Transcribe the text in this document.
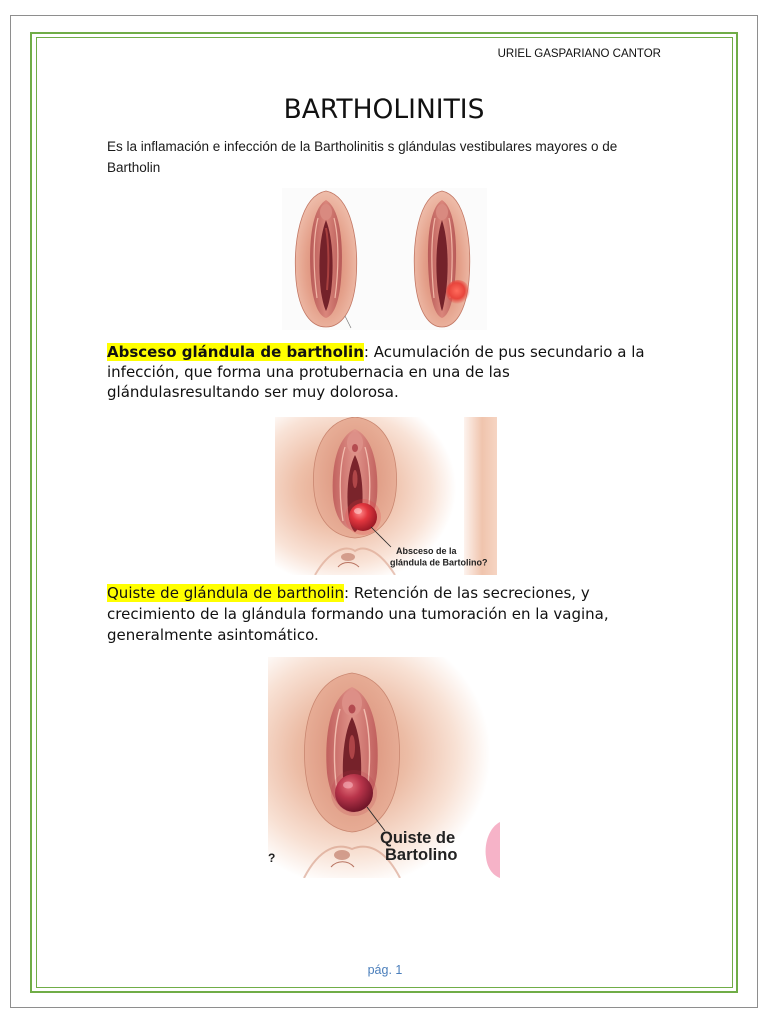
URIEL GASPARIANO CANTOR
BARTHOLINITIS

Es la inflamación e infección de la Bartholinitis s glándulas vestibulares mayores o de Bartholin

Absceso glándula de bartholin: Acumulación de pus secundario a la infección, que forma una protubernacia en una de las glándulasresultando ser muy dolorosa.

Absceso de la
glándula de Bartolino?

Quiste de glándula de bartholin: Retención de las secreciones, y crecimiento de la glándula formando una tumoración en la vagina, generalmente asintomático.

Quiste de
Bartolino
?
pág. 1
